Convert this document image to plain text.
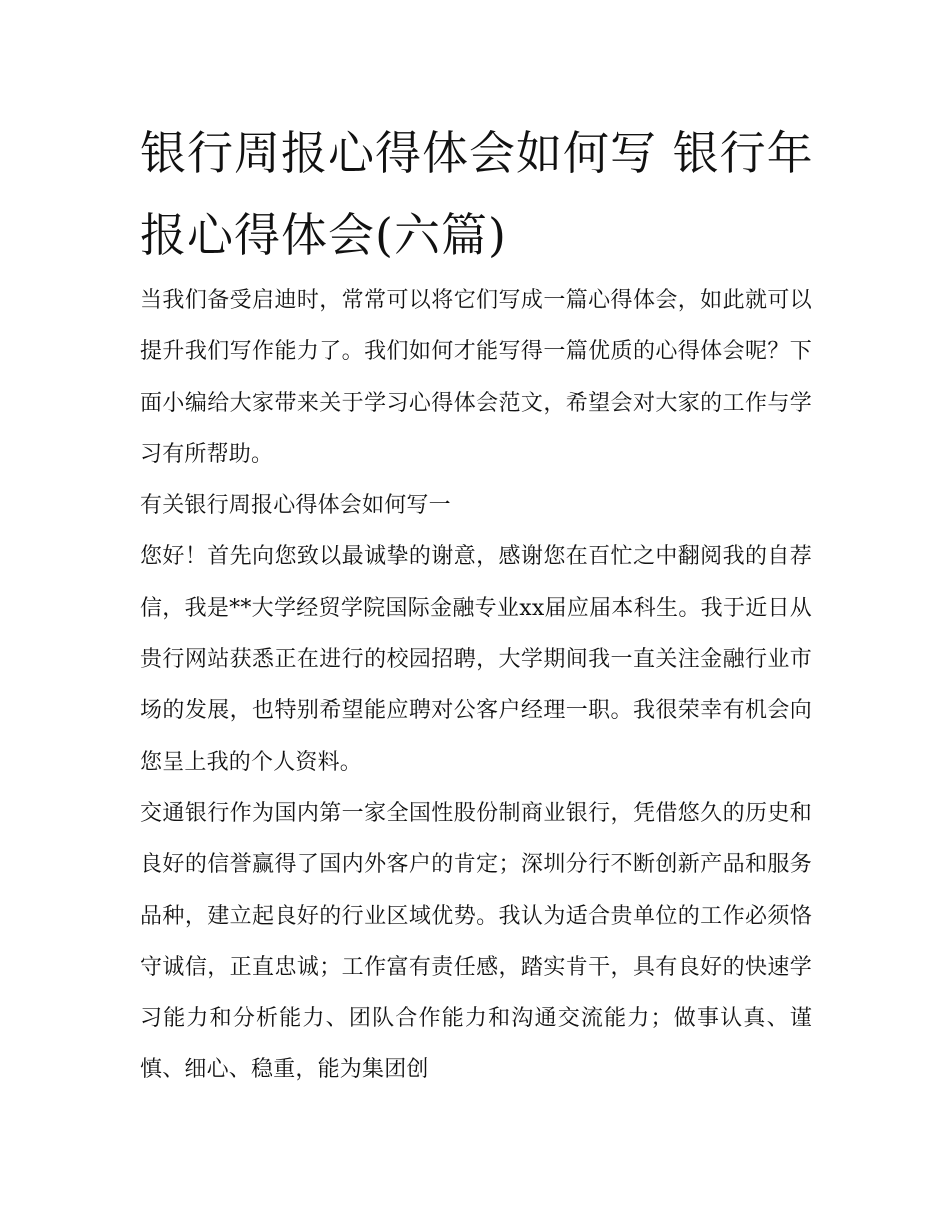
银行周报心得体会如何写 银行年报心得体会(六篇)

当我们备受启迪时，常常可以将它们写成一篇心得体会，如此就可以提升我们写作能力了。我们如何才能写得一篇优质的心得体会呢？下面小编给大家带来关于学习心得体会范文，希望会对大家的工作与学习有所帮助。

有关银行周报心得体会如何写一

您好！首先向您致以最诚挚的谢意，感谢您在百忙之中翻阅我的自荐信，我是**大学经贸学院国际金融专业xx届应届本科生。我于近日从贵行网站获悉正在进行的校园招聘，大学期间我一直关注金融行业市场的发展，也特别希望能应聘对公客户经理一职。我很荣幸有机会向您呈上我的个人资料。

交通银行作为国内第一家全国性股份制商业银行，凭借悠久的历史和良好的信誉赢得了国内外客户的肯定；深圳分行不断创新产品和服务品种，建立起良好的行业区域优势。我认为适合贵单位的工作必须恪守诚信，正直忠诚；工作富有责任感，踏实肯干，具有良好的快速学习能力和分析能力、团队合作能力和沟通交流能力；做事认真、谨慎、细心、稳重，能为集团创
